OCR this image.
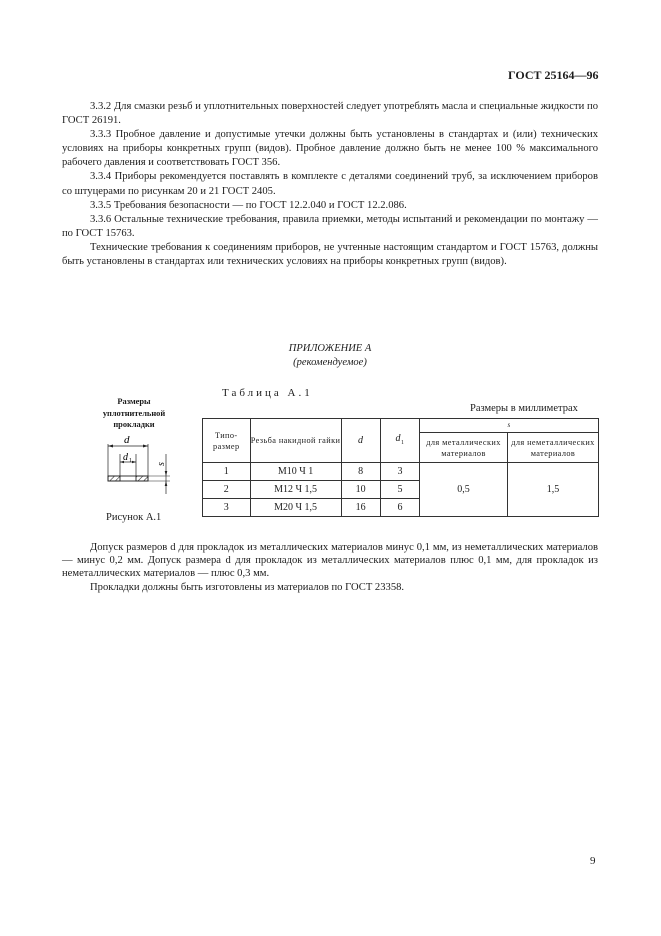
ГОСТ 25164—96

3.3.2 Для смазки резьб и уплотнительных поверхностей следует употреблять масла и специальные жидкости по ГОСТ 26191.

3.3.3 Пробное давление и допустимые утечки должны быть установлены в стандартах и (или) технических условиях на приборы конкретных групп (видов). Пробное давление должно быть не менее 100 % максимального рабочего давления и соответствовать ГОСТ 356.

3.3.4 Приборы рекомендуется поставлять в комплекте с деталями соединений труб, за исключением приборов со штуцерами по рисункам 20 и 21 ГОСТ 2405.

3.3.5 Требования безопасности — по ГОСТ 12.2.040 и ГОСТ 12.2.086.

3.3.6 Остальные технические требования, правила приемки, методы испытаний и рекомендации по монтажу — по ГОСТ 15763.

Технические требования к соединениям приборов, не учтенные настоящим стандартом и ГОСТ 15763, должны быть установлены в стандартах или технических условиях на приборы конкретных групп (видов).

ПРИЛОЖЕНИЕ А
(рекомендуемое)
Размеры уплотнительной прокладки
d
d 1
s
Рисунок А.1
Таблица А.1
Размеры в миллиметрах
Типо-размер	Резьба накидной гайки	d	$d_1$	s	
				для металлических материалов	для неметаллических материалов
1	М10 Ч 1	8	3		
2	М12 Ч 1,5	10	5	0,5	1,5
3	М20 Ч 1,5	16	6		

Допуск размеров d для прокладок из металлических материалов минус 0,1 мм, из неметаллических материалов — минус 0,2 мм. Допуск размера d для прокладок из металлических материалов плюс 0,1 мм, для прокладок из неметаллических материалов — плюс 0,3 мм.

Прокладки должны быть изготовлены из материалов по ГОСТ 23358.

9
